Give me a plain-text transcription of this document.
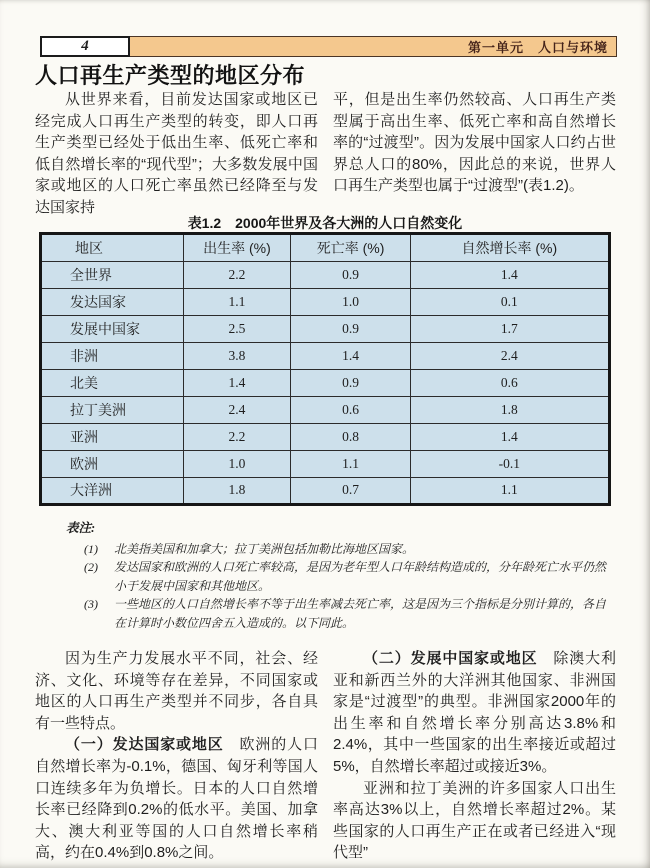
4	第一单元　人口与环境
人口再生产类型的地区分布
从世界来看，目前发达国家或地区已经完成人口再生产类型的转变，即人口再生产类型已经处于低出生率、低死亡率和低自然增长率的“现代型”；大多数发展中国家或地区的人口死亡率虽然已经降至与发达国家持
平，但是出生率仍然较高、人口再生产类型属于高出生率、低死亡率和高自然增长率的“过渡型”。因为发展中国家人口约占世界总人口的80%，因此总的来说，世界人口再生产类型也属于“过渡型”(表1.2)。
表1.2　2000年世界及各大洲的人口自然变化
地区	出生率 (%)	死亡率 (%)	自然增长率 (%)
全世界	2.2	0.9	1.4
发达国家	1.1	1.0	0.1
发展中国家	2.5	0.9	1.7
非洲	3.8	1.4	2.4
北美	1.4	0.9	0.6
拉丁美洲	2.4	0.6	1.8
亚洲	2.2	0.8	1.4
欧洲	1.0	1.1	-0.1
大洋洲	1.8	0.7	1.1
表注:
(1)	北美指美国和加拿大；拉丁美洲包括加勒比海地区国家。
(2)	发达国家和欧洲的人口死亡率较高，是因为老年型人口年龄结构造成的，分年龄死亡水平仍然小于发展中国家和其他地区。
(3)	一些地区的人口自然增长率不等于出生率减去死亡率，这是因为三个指标是分别计算的，各自在计算时小数位四舍五入造成的。以下同此。

因为生产力发展水平不同，社会、经济、文化、环境等存在差异，不同国家或地区的人口再生产类型并不同步，各自具有一些特点。

（一）发达国家或地区　欧洲的人口自然增长率为-0.1%，德国、匈牙利等国人口连续多年为负增长。日本的人口自然增长率已经降到0.2%的低水平。美国、加拿大、澳大利亚等国的人口自然增长率稍高，约在0.4%到0.8%之间。

（二）发展中国家或地区　除澳大利亚和新西兰外的大洋洲其他国家、非洲国家是“过渡型”的典型。非洲国家2000年的出生率和自然增长率分别高达3.8%和2.4%，其中一些国家的出生率接近或超过5%，自然增长率超过或接近3%。

亚洲和拉丁美洲的许多国家人口出生率高达3%以上，自然增长率超过2%。某些国家的人口再生产正在或者已经进入“现代型”
